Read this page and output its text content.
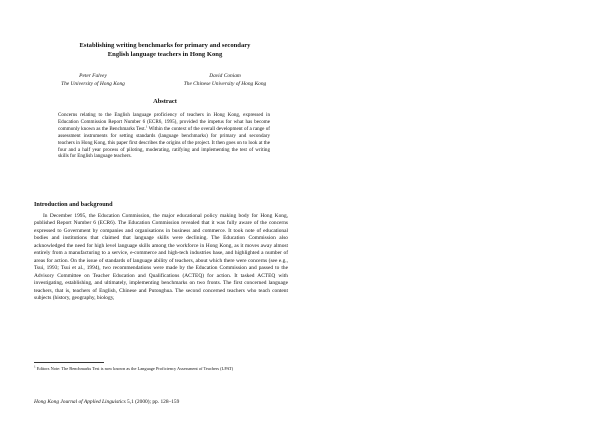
Establishing writing benchmarks for primary and secondary
English language teachers in Hong Kong
Peter Falvey
The University of Hong Kong
David Coniam
The Chinese University of Hong Kong
Abstract
Concerns relating to the English language proficiency of teachers in Hong Kong, expressed in Education Commission Report Number 6 (ECR6, 1995), provided the impetus for what has become commonly known as the Benchmarks Test.$^1$ Within the context of the overall development of a range of assessment instruments for setting standards (language benchmarks) for primary and secondary teachers in Hong Kong, this paper first describes the origins of the project. It then goes on to look at the four and a half year process of piloting, moderating, ratifying and implementing the test of writing skills for English language teachers.
Introduction and background
In December 1995, the Education Commission, the major educational policy making body for Hong Kong, published Report Number 6 (ECR6). The Education Commission revealed that it was fully aware of the concerns expressed to Government by companies and organisations in business and commerce. It took note of educational bodies and institutions that claimed that language skills were declining. The Education Commission also acknowledged the need for high level language skills among the workforce in Hong Kong, as it moves away almost entirely from a manufacturing to a service, e-commerce and high-tech industries base, and highlighted a number of areas for action. On the issue of standards of language ability of teachers, about which there were concerns (see e.g., Tsui, 1993; Tsui et al., 1994), two recommendations were made by the Education Commission and passed to the Advisory Committee on Teacher Education and Qualifications (ACTEQ) for action. It tasked ACTEQ with investigating, establishing, and ultimately, implementing benchmarks on two fronts. The first concerned language teachers, that is, teachers of English, Chinese and Putonghua. The second concerned teachers who teach content subjects (history, geography, biology,
$^1$ Editors Note: The Benchmarks Test is now known as the Language Proficiency Assessment of Teachers (LPAT)
Hong Kong Journal of Applied Linguistics 5,1 (2000); pp. 128–159
